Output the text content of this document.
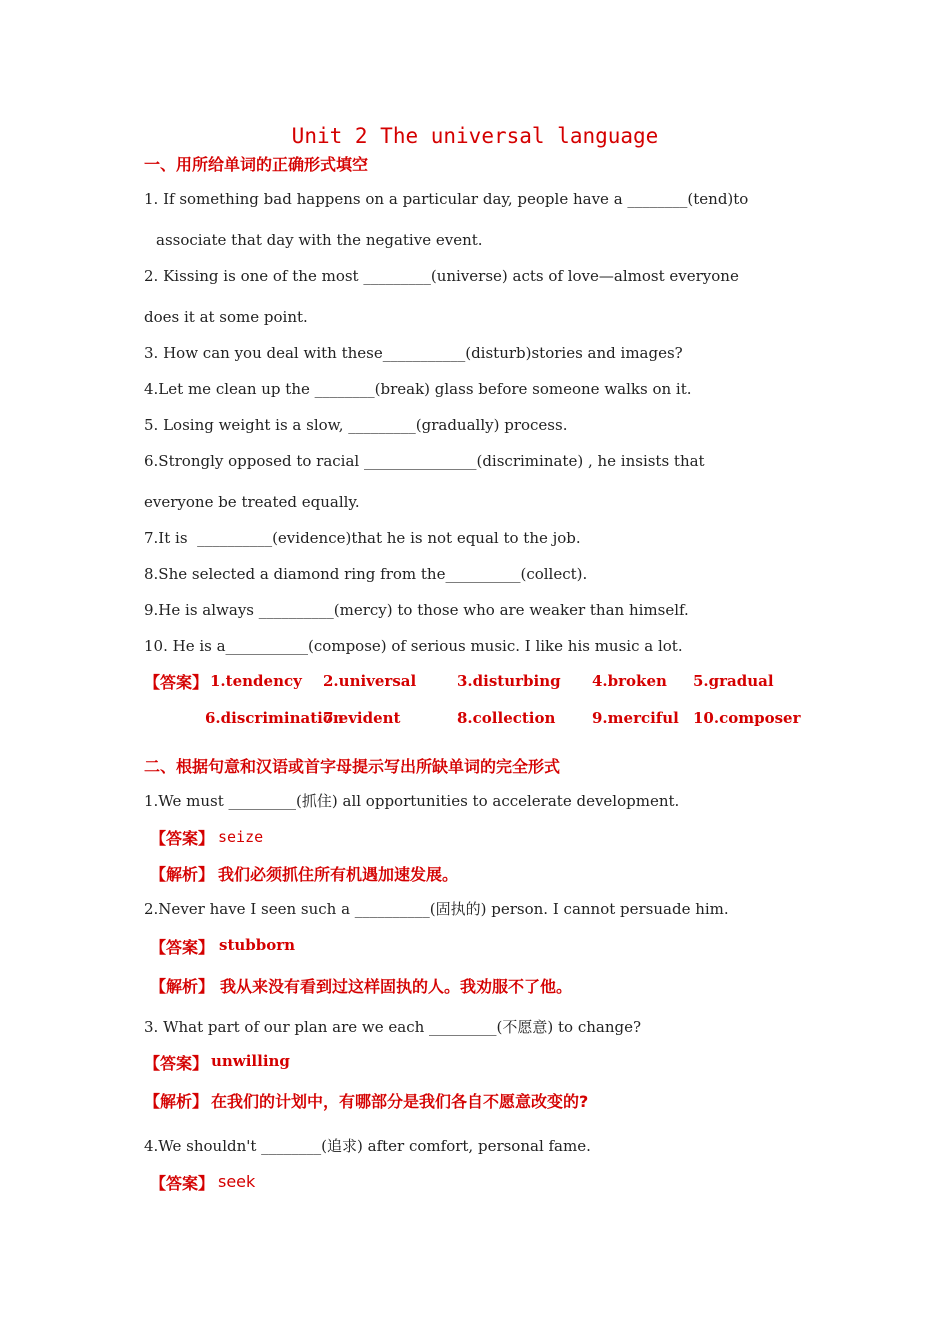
Unit 2 The universal language
一、用所给单词的正确形式填空
1. If something bad happens on a particular day, people have a ________(tend)to
associate that day with the negative event.
2. Kissing is one of the most _________(universe) acts of love—almost everyone
does it at some point.
3. How can you deal with these___________(disturb)stories and images?
4.Let me clean up the ________(break) glass before someone walks on it.
5. Losing weight is a slow, _________(gradually) process.
6.Strongly opposed to racial _______________(discriminate) , he insists that
everyone be treated equally.
7.It is  __________(evidence)that he is not equal to the job.
8.She selected a diamond ring from the__________(collect).
9.He is always __________(mercy) to those who are weaker than himself.
10. He is a___________(compose) of serious music. I like his music a lot.
【答案】 1.tendency 2.universal	3.disturbing 4.broken 5.gradual
6.discrimination
7.evident	8.collection 9.merciful 10.composer
二、根据句意和汉语或首字母提示写出所缺单词的完全形式
1.We must _________(抓住) all opportunities to accelerate development.
【答案】 seize
【解析】 我们必须抓住所有机遇加速发展。
2.Never have I seen such a __________(固执的) person. I cannot persuade him.
【答案】 stubborn
【解析】 我从来没有看到过这样固执的人。我劝服不了他。
3. What part of our plan are we each _________(不愿意) to change?
【答案】 unwilling
【解析】 在我们的计划中，有哪部分是我们各自不愿意改变的?
4.We shouldn't ________(追求) after comfort, personal fame.
【答案】 seek
